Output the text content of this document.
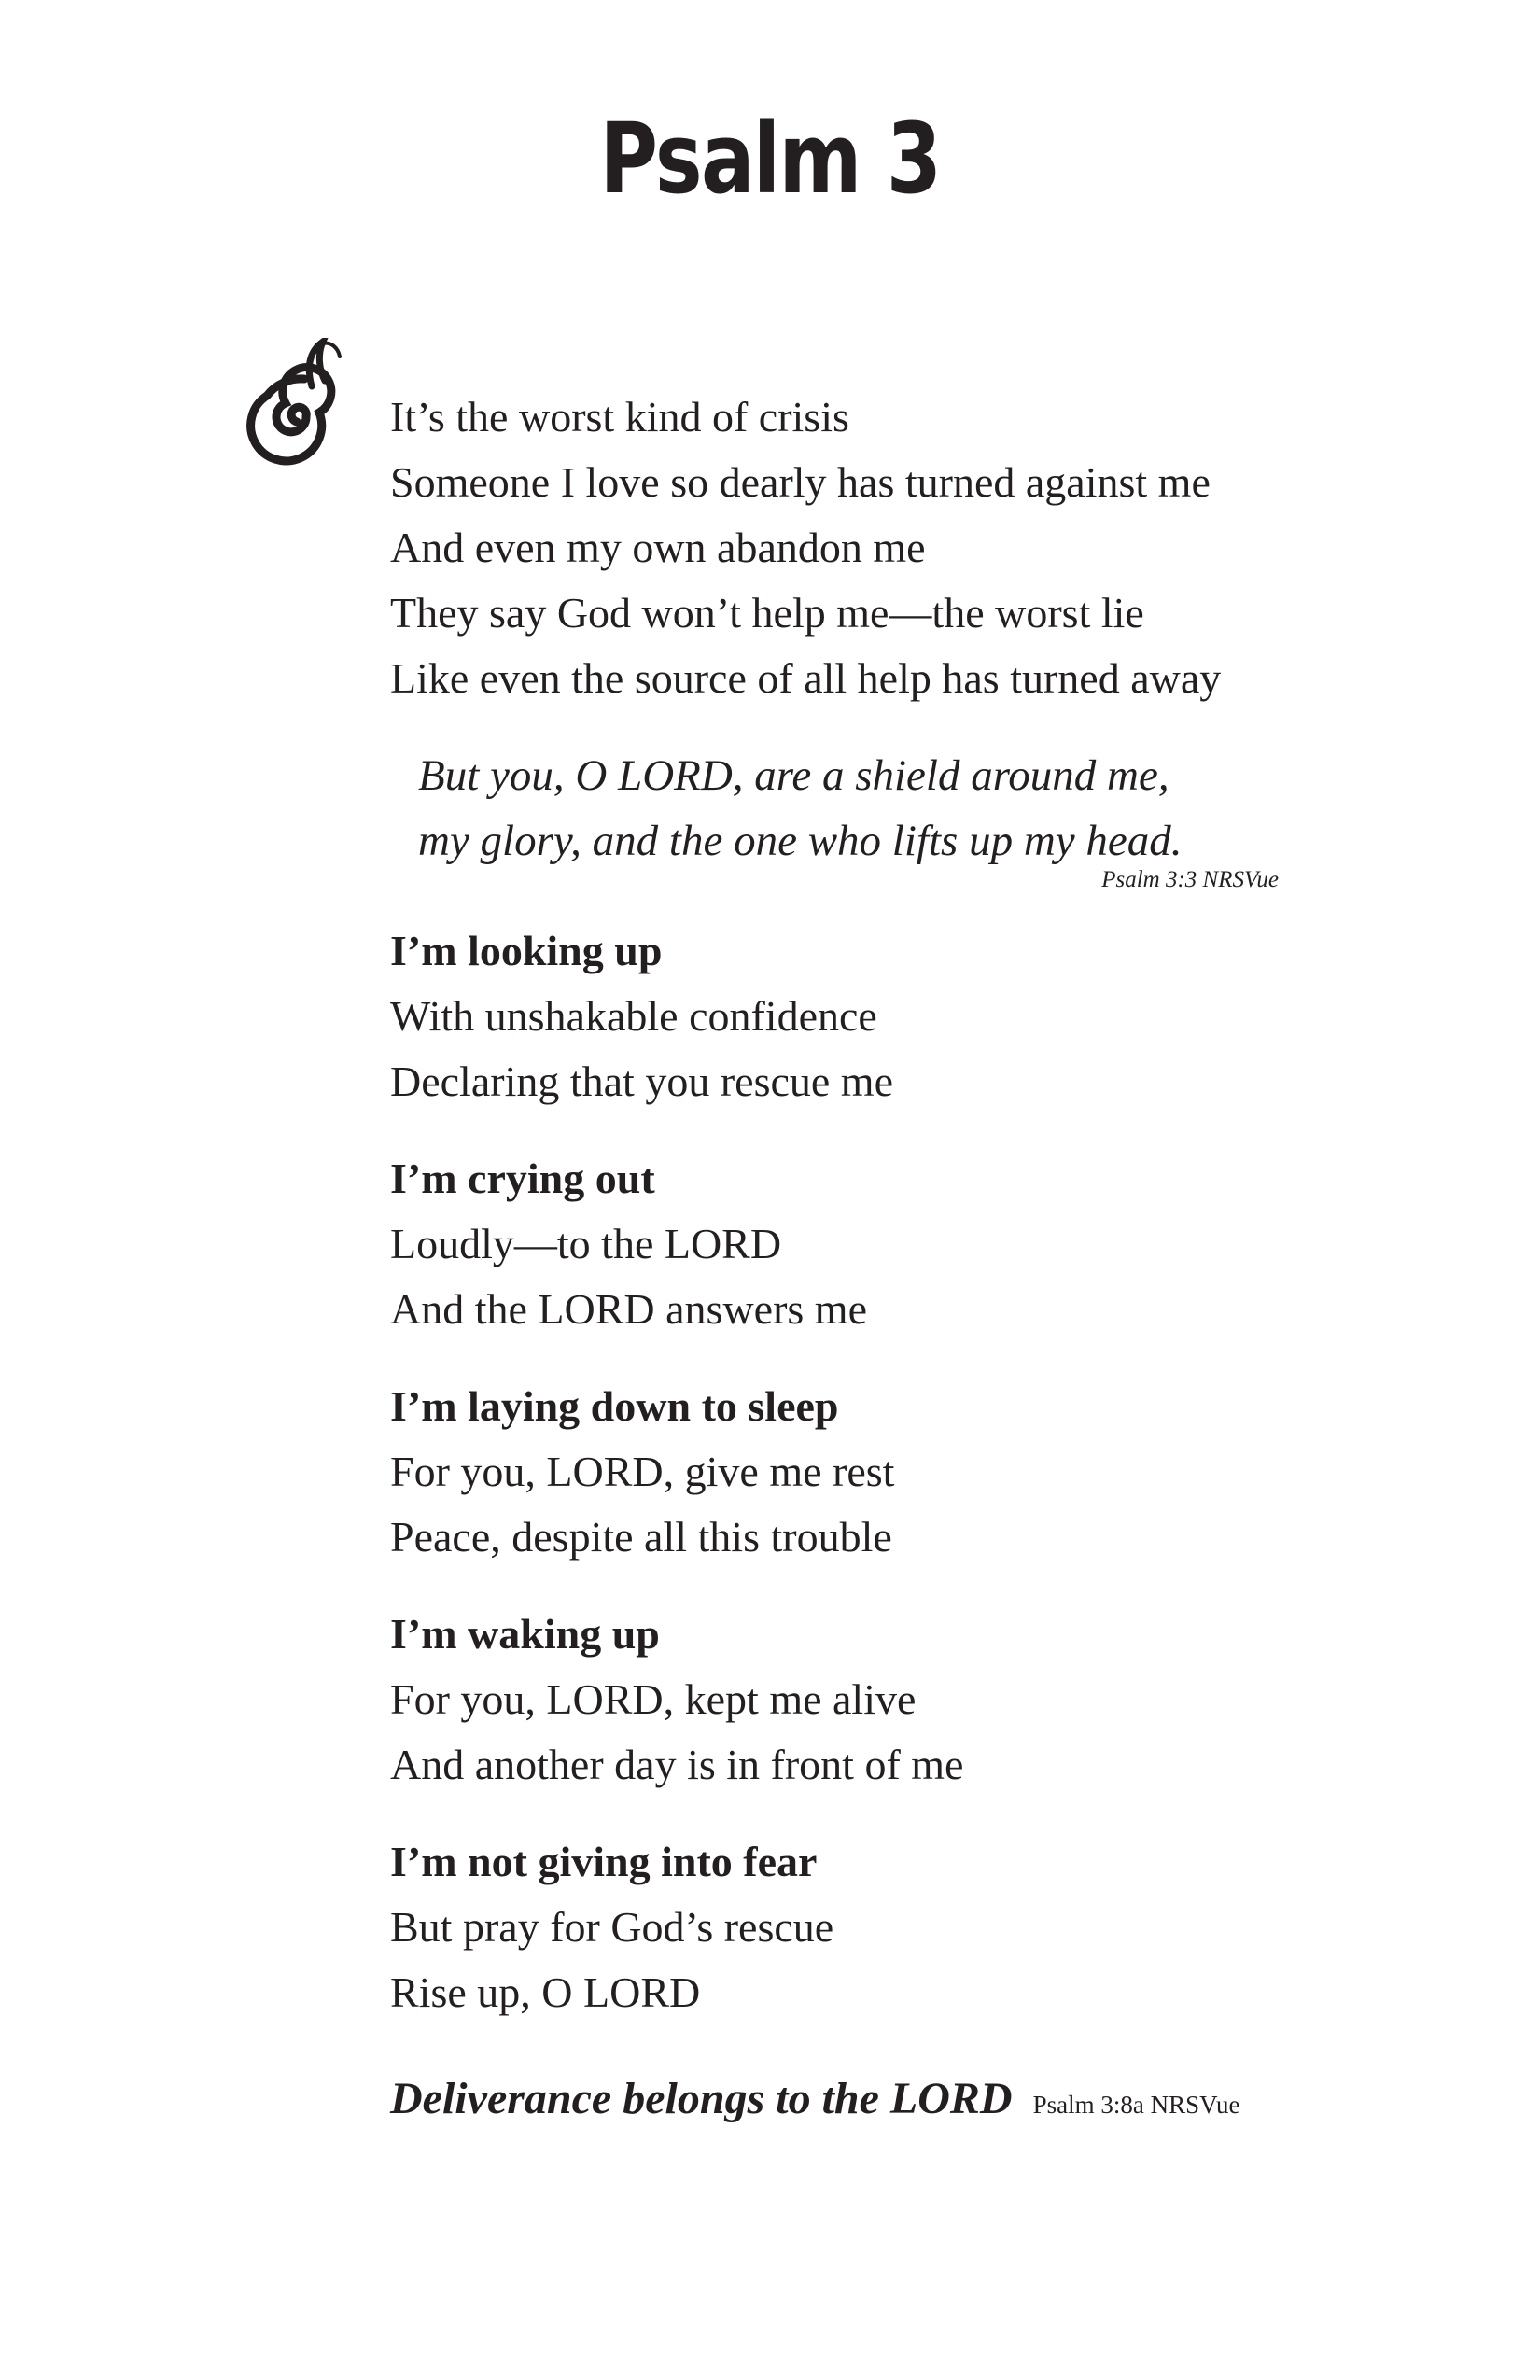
Psalm 3
It’s the worst kind of crisis
Someone I love so dearly has turned against me
And even my own abandon me
They say God won’t help me—the worst lie
Like even the source of all help has turned away
But you, O LORD, are a shield around me,
my glory, and the one who lifts up my head.
Psalm 3:3 NRSVue
I’m looking up
With unshakable confidence
Declaring that you rescue me
I’m crying out
Loudly—to the LORD
And the LORD answers me
I’m laying down to sleep
For you, LORD, give me rest
Peace, despite all this trouble
I’m waking up
For you, LORD, kept me alive
And another day is in front of me
I’m not giving into fear
But pray for God’s rescue
Rise up, O LORD
Deliverance belongs to the LORD Psalm 3:8a NRSVue
